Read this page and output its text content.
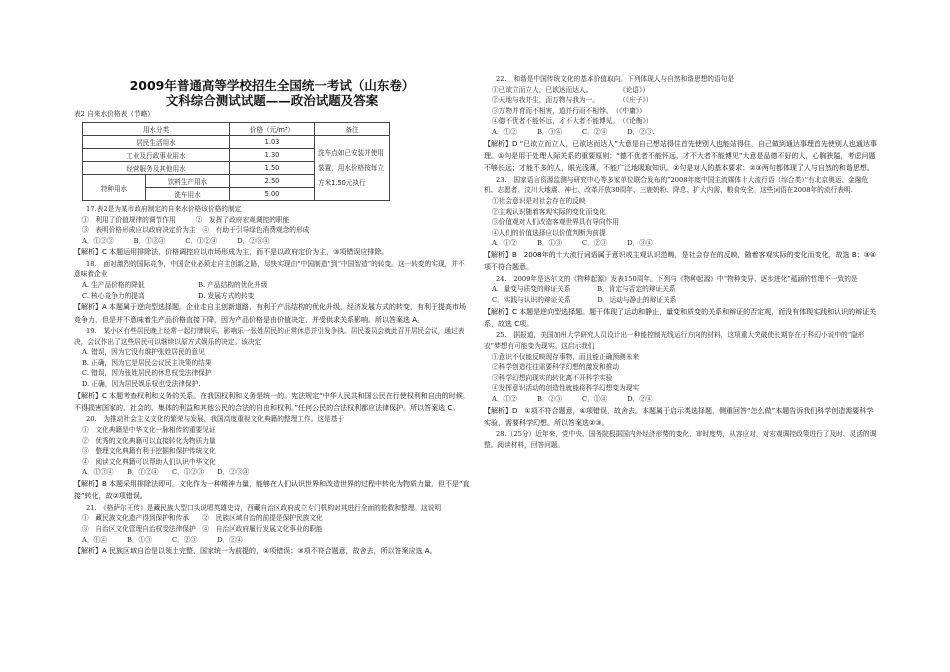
2009年普通高等学校招生全国统一考试（山东卷）
文科综合测试试题——政治试题及答案
表2 自来水价格表（节略）
用水分类		价格（元/m³）	备注
居民生活用水		1.03	洗车点如已安装并使用装置，用水价格按每立方米1.50元执行
工业及行政事业用水		1.30	
经营服务及其他用水		1.50	
特种用水	饮料生产用水	2.50	
	洗车用水	5.00	

17.表2是为某市政府制定的自来水价格该价格的制定

①　利用了价值规律的调节作用　　　②　发挥了政府宏观调控的职能

③　表明价格形成应以政府决定价为主　④　有助于引导绿色消费观念的形成

A．①②③　　　B．①③④　　　C．①②④　　　D．②③④

【解析】C 本题运用排除法，价格调控应以市场形成为主，而不是以政府定价为主，③项错误应排除。

18.　面对激烈的国际竞争，中国企业必须走自主创新之路，尽快实现由“中国制造”到“中国智造”的转变。这一转变的实现，并不意味着企业

A. 生产品价格的降低　　　　　　　　B. 产品结构的优化升级

C. 核心竞争力的提高　　　　　　　　D. 发展方式的转变

【解析】A 本题属于逆向型选择题。企业走自主创新道路，有利于产品结构的优化升级，经济发展方式的转变，有利于提高市场竞争力，但是并不意味着生产品价格直接下降，因为产品价格是由价值决定，并受供求关系影响。所以答案选 A。

19.　某小区有些居民晚上经常一起打牌娱乐，影响乐一张姓居民的正常休息并引发争执。居民委员会就此召开居民会议，通过表决，会议作出了这些居民可以继续以原方式娱乐的决定。该决定

A. 错误，因为它没有维护张姓居民的意见

B. 正确，因为它是居民会议民主决策的结果

C. 错误，因为张姓居民的休息权受法律保护

D. 正确，因为居民娱乐权也受法律保护.

【解析】C 本题考查权利和义务的关系。在我国权利和义务是统一的。宪法规定“中华人民共和国公民在行使权利和自由的时候，不得损害国家的、社会的、集体的利益和其他公民的合法的自由和权利。”任何公民的合法权利都应法律保护。所以答案选 C。

20.　为推动社会主义文化的繁荣与发展，我国高度重视文化典籍的整理工作。这是基于

①　文化典籍是中华文化一脉相传的重要见证

②　优秀的文化典籍可以直接转化为物质力量

③　整理文化典籍有利于挖掘和保护传统文化

④　阅读文化典籍可以帮助人们认识中华文化

A．①③④　　B．①②④　　C．①②③　　D．②③④

【解析】B 本题采用排除法即可。文化作为一种精神力量，能够在人们认识世界和改造世界的过程中转化为物质力量，但不是“直接”转化，故②项错误。

21.　《格萨尔王传》是藏民族大型口头说唱英雄史诗，西藏自治区政府成立专门机构对其进行全面的抢救和整理。这说明

①　藏民族文化遗产得到保护和传承　　②　民族区域自治的前提是保护民族文化

③　自治区文化管理自治权受法律保护　④　自治区政府履行发展文化事业的职能

A．①④　　　B．①③　　　C．②③　　　D．②④

【解析】A 民族区域自治是以领土完整、国家统一为前提的，②项错误；③项不符合题意，故舍去，所以答案应选 A。

22.　和谐是中国传统文化的基本价值取向。下列体现人与自然和谐思想的语句是

①已欲立而立人，已欲达而达人。　　　　　《论语》）

②天地与我并生，而万物与我为一。　　　　（《庄子》）

③万物并育而不相害，道并行而不相悖。　（《中庸》）

④德不优者不能怀远，才不大者不能博见。　（《论衡》）

A．①②　　　B．③④　　　C．②④　　　D．②③.

【解析】D “已欲立而立人，已欲达而达人”大意是自己想站得住首先使别人也能站得住，自己做到通达事理首先使别人也通达事理。①句是用于处理人际关系的重要原则；“德不优者不能怀远，才不大者不能博见”大意是品德不好的人，心胸狭隘，考虑问题不够长远；才能不多的人，眼光浅薄，不能广泛地吸取知识。②句是对人的基本要求；②③两句都体现了人与自然的和谐思想。

23.　国家语言资源监测与研究中心等多家单位联合发布的“2008年度中国主流媒体十大流行语（综合类）”有北京奥运、金融危机、志愿者、汶川大地震、神七、改革开放30周年、三鹿奶粉、降息、扩大内需、粮食安全。这些词语在2008年的流行表明.

①社会意识是对社会存在的反映

②主观认识随着客观实际的变化而变化

③价值观对人们改造客观世界具有导向作用

④人们的价值选择应以价值判断为前提

A．①②　　　B．①③　　　C．②③　　　D．③④

【解析】B　2008年的十大流行词语属于意识或主观认识范畴，是社会存在的反映，随着客观实际的变化而变化，故选 B；③④项不符合题意。

24.　2009年是达尔文的《物种起源》发表150周年。下列与《物种起源》中“物种变异、逐步进化”蕴涵的哲理不一致的是

A．量变与质变的辩证关系　　　　B．肯定与否定的辩证关系

C．实践与认识的辩证关系　　　　D．运动与静止的辩证关系

【解析】C 本题是逆向型选择题。题干体现了运动和静止，量变和质变的关系和辩证的否定观，而没有体现实践和认识的辩证关系，故选 C项。

25.　据报道，美国加州大学研究人员设计出一种能控制光线运行方向的材料，这项重大突破使长期存在于科幻小说中的“隐形衣”梦想有可能变为现实。这启示我们

①意识不仅能反映现存事物，而且能正确预测未来

②科学创造往往需要科学幻想的激发和推动

③科学幻想向现实的转化离不开科学实验

④发挥意识活动的创造性就能将科学幻想变为现实

A．①②　　　B．②③　　　C．①④　　　D．②④

【解析】D　①项不符合题意，④项错误，故舍去。本题属于启示类选择题，侧重回答“怎么做”本题告诉我们科学创造需要科学实验，需要科学幻想。所以答案选②③。

28.（25分）近年来，党中央、国务院根据国内外经济形势的变化，审时度势，从容应对，对宏观调控政策进行了及时、灵活的调整。阅读材料，回答问题。
